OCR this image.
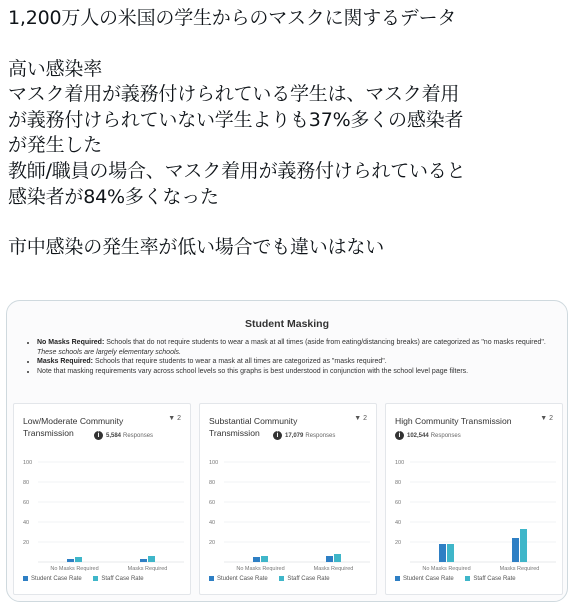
1,200万人の米国の学生からのマスクに関するデータ
高い感染率
マスク着用が義務付けられている学生は、マスク着用
が義務付けられていない学生よりも37%多くの感染者
が発生した
教師/職員の場合、マスク着用が義務付けられていると
感染者が84%多くなった
市中感染の発生率が低い場合でも違いはない
Student Masking
• No Masks Required: Schools that do not require students to wear a mask at all times (aside from eating/distancing breaks) are categorized as "no masks required". These schools are largely elementary schools.
• Masks Required: Schools that require students to wear a mask at all times are categorized as "masks required".
• Note that masking requirements vary across school levels so this graphs is best understood in conjunction with the school level page filters.
Low/Moderate Community Transmission
▼ 2
i 5,584 Responses
20
40
60
80
100
No Masks Required	Masks Required
Student Case Rate	Staff Case Rate
Substantial Community Transmission
▼ 2
i 17,079 Responses
20
40
60
80
100
No Masks Required	Masks Required
Student Case Rate	Staff Case Rate
High Community Transmission	▼ 2
i 102,544 Responses
20
40
60
80
100
No Masks Required	Masks Required
Student Case Rate	Staff Case Rate
